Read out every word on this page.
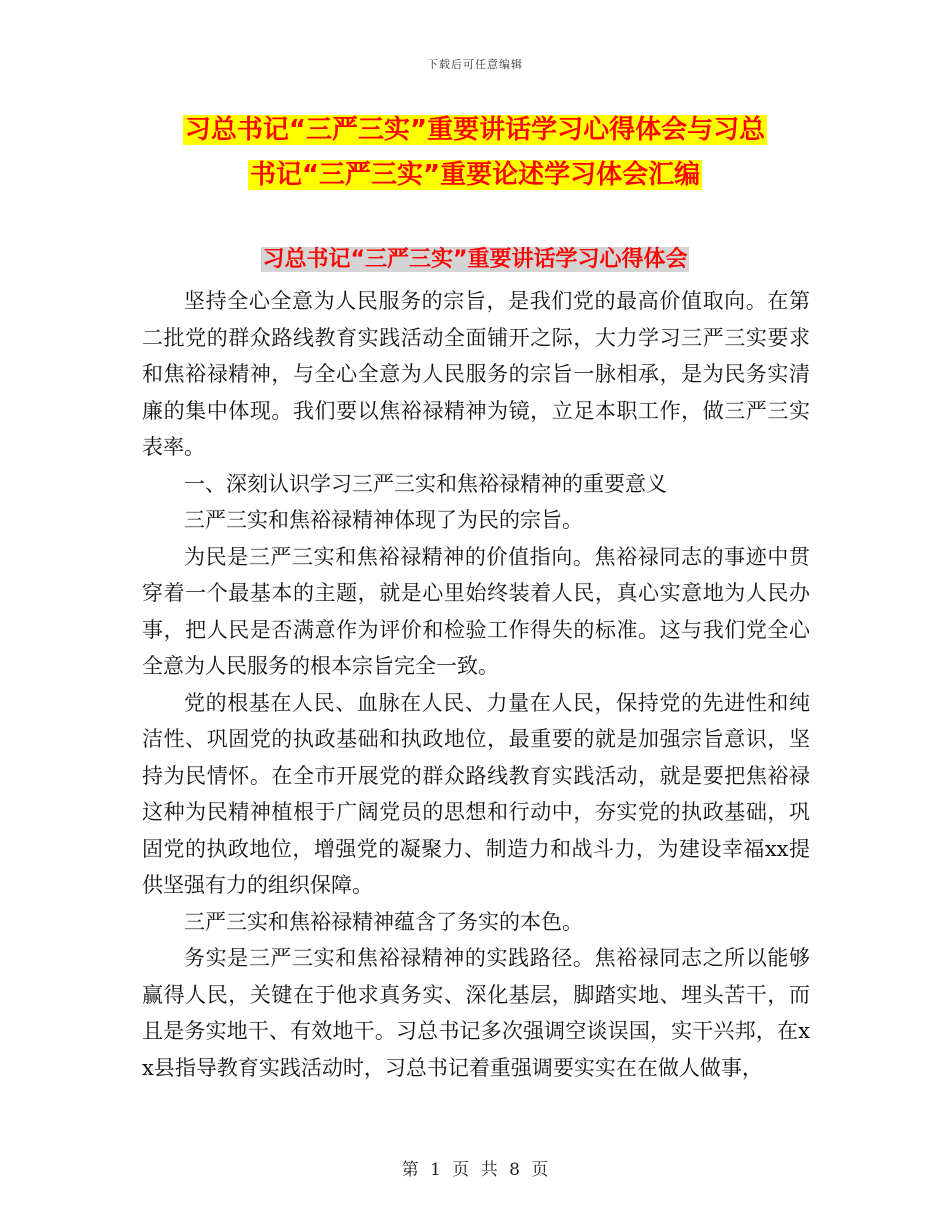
下载后可任意编辑
习总书记“三严三实”重要讲话学习心得体会与习总
书记“三严三实”重要论述学习体会汇编
习总书记“三严三实”重要讲话学习心得体会

坚持全心全意为人民服务的宗旨，是我们党的最高价值取向。在第二批党的群众路线教育实践活动全面铺开之际，大力学习三严三实要求和焦裕禄精神，与全心全意为人民服务的宗旨一脉相承，是为民务实清廉的集中体现。我们要以焦裕禄精神为镜，立足本职工作，做三严三实表率。

一、深刻认识学习三严三实和焦裕禄精神的重要意义

三严三实和焦裕禄精神体现了为民的宗旨。

为民是三严三实和焦裕禄精神的价值指向。焦裕禄同志的事迹中贯穿着一个最基本的主题，就是心里始终装着人民，真心实意地为人民办事，把人民是否满意作为评价和检验工作得失的标准。这与我们党全心全意为人民服务的根本宗旨完全一致。

党的根基在人民、血脉在人民、力量在人民，保持党的先进性和纯洁性、巩固党的执政基础和执政地位，最重要的就是加强宗旨意识，坚持为民情怀。在全市开展党的群众路线教育实践活动，就是要把焦裕禄这种为民精神植根于广阔党员的思想和行动中，夯实党的执政基础，巩固党的执政地位，增强党的凝聚力、制造力和战斗力，为建设幸福xx提供坚强有力的组织保障。

三严三实和焦裕禄精神蕴含了务实的本色。

务实是三严三实和焦裕禄精神的实践路径。焦裕禄同志之所以能够赢得人民，关键在于他求真务实、深化基层，脚踏实地、埋头苦干，而且是务实地干、有效地干。习总书记多次强调空谈误国，实干兴邦，在xx县指导教育实践活动时，习总书记着重强调要实实在在做人做事，

第 1 页 共 8 页
